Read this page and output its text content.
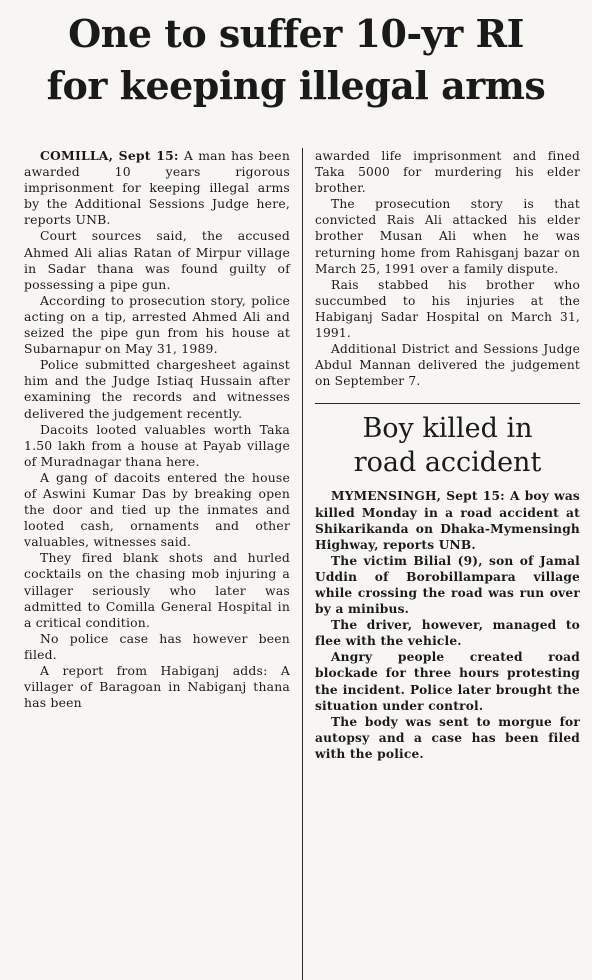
One to suffer 10-yr RI
for keeping illegal arms

COMILLA, Sept 15: A man has been awarded 10 years rigorous imprisonment for keeping illegal arms by the Additional Sessions Judge here, reports UNB.

Court sources said, the accused Ahmed Ali alias Ratan of Mirpur village in Sadar thana was found guilty of possessing a pipe gun.

According to prosecution story, police acting on a tip, arrested Ahmed Ali and seized the pipe gun from his house at Subarnapur on May 31, 1989.

Police submitted chargesheet against him and the Judge Istiaq Hussain after examining the records and witnesses delivered the judgement recently.

Dacoits looted valuables worth Taka 1.50 lakh from a house at Payab village of Muradnagar thana here.

A gang of dacoits entered the house of Aswini Kumar Das by breaking open the door and tied up the inmates and looted cash, ornaments and other valuables, witnesses said.

They fired blank shots and hurled cocktails on the chasing mob injuring a villager seriously who later was admitted to Comilla General Hospital in a critical condition.

No police case has however been filed.

A report from Habiganj adds: A villager of Baragoan in Nabiganj thana has been

awarded life imprisonment and fined Taka 5000 for murdering his elder brother.

The prosecution story is that convicted Rais Ali attacked his elder brother Musan Ali when he was returning home from Rahisganj bazar on March 25, 1991 over a family dispute.

Rais stabbed his brother who succumbed to his injuries at the Habiganj Sadar Hospital on March 31, 1991.

Additional District and Sessions Judge Abdul Mannan delivered the judgement on September 7.

Boy killed in
road accident

MYMENSINGH, Sept 15: A boy was killed Monday in a road accident at Shikarikanda on Dhaka-Mymensingh Highway, reports UNB.

The victim Bilial (9), son of Jamal Uddin of Borobillampara village while crossing the road was run over by a minibus.

The driver, however, managed to flee with the vehicle.

Angry people created road blockade for three hours protesting the incident. Police later brought the situation under control.

The body was sent to morgue for autopsy and a case has been filed with the police.
